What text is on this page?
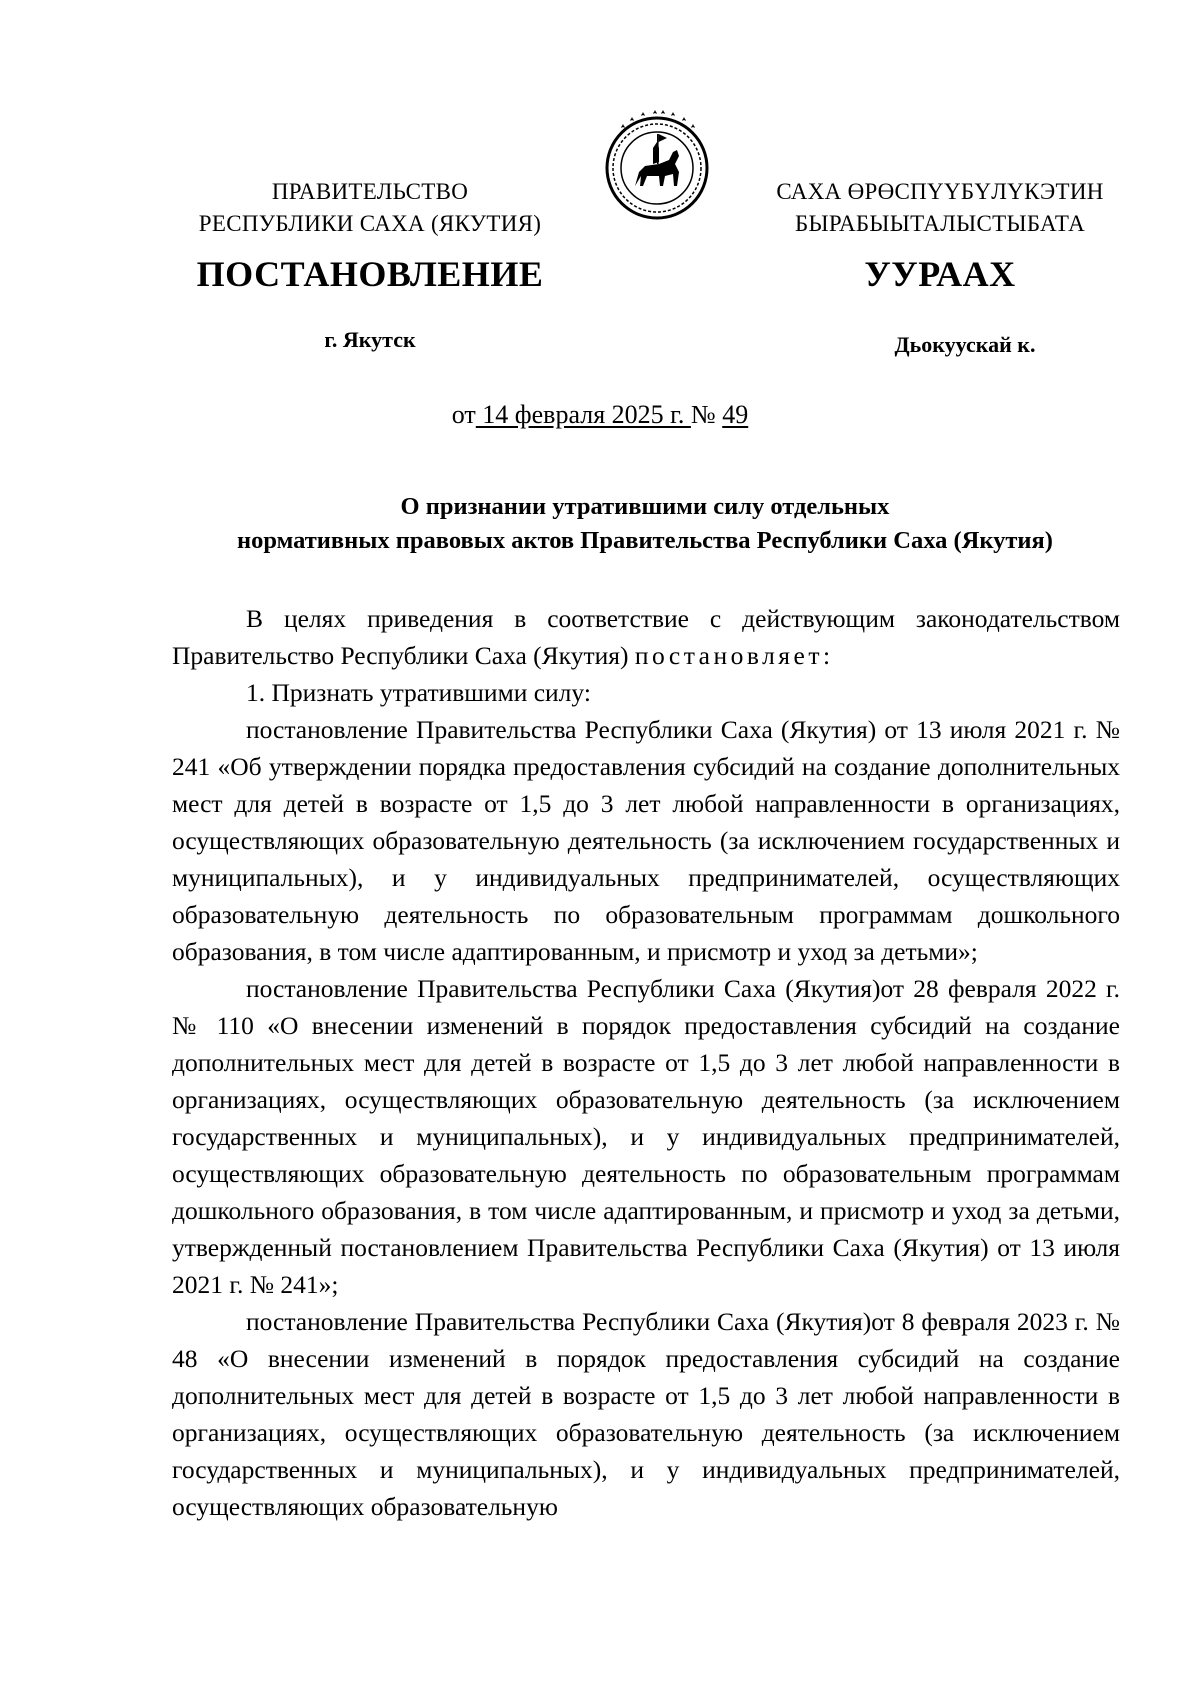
ПРАВИТЕЛЬСТВО
РЕСПУБЛИКИ САХА (ЯКУТИЯ)
САХА ӨРӨСПҮҮБҮЛҮКЭТИН
БЫРАБЫЫТАЛЫСТЫБАТА
ПОСТАНОВЛЕНИЕ	УУРААХ
г. Якутск	Дьокуускай к.
от 14 февраля 2025 г. № 49
О признании утратившими силу отдельных
нормативных правовых актов Правительства Республики Саха (Якутия)

В целях приведения в соответствие с действующим законодательством Правительство Республики Саха (Якутия) постановляет:

1. Признать утратившими силу:

постановление Правительства Республики Саха (Якутия) от 13 июля 2021 г. № 241 «Об утверждении порядка предоставления субсидий на создание дополнительных мест для детей в возрасте от 1,5 до 3 лет любой направленности в организациях, осуществляющих образовательную деятельность (за исключением государственных и муниципальных), и у индивидуальных предпринимателей, осуществляющих образовательную деятельность по образовательным программам дошкольного образования, в том числе адаптированным, и присмотр и уход за детьми»;

постановление Правительства Республики Саха (Якутия)от 28 февраля 2022 г. № 110 «О внесении изменений в порядок предоставления субсидий на создание дополнительных мест для детей в возрасте от 1,5 до 3 лет любой направленности в организациях, осуществляющих образовательную деятельность (за исключением государственных и муниципальных), и у индивидуальных предпринимателей, осуществляющих образовательную деятельность по образовательным программам дошкольного образования, в том числе адаптированным, и присмотр и уход за детьми, утвержденный постановлением Правительства Республики Саха (Якутия) от 13 июля 2021 г. № 241»;

постановление Правительства Республики Саха (Якутия)от 8 февраля 2023 г. № 48 «О внесении изменений в порядок предоставления субсидий на создание дополнительных мест для детей в возрасте от 1,5 до 3 лет любой направленности в организациях, осуществляющих образовательную деятельность (за исключением государственных и муниципальных), и у индивидуальных предпринимателей, осуществляющих образовательную
